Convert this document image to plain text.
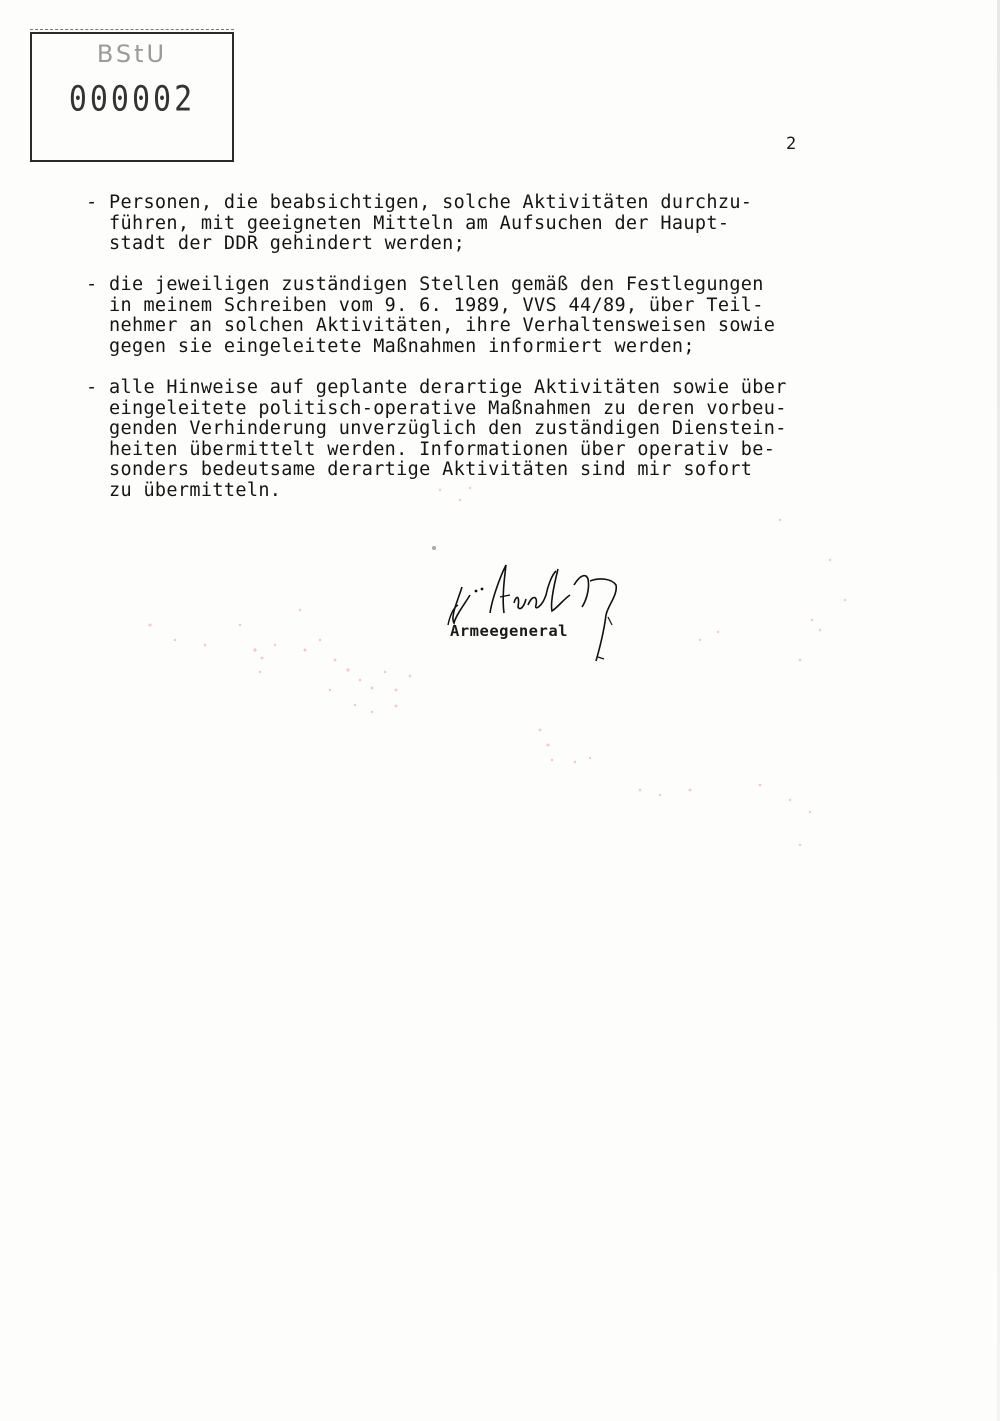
BStU
000002
2
- Personen, die beabsichtigen, solche Aktivitäten durchzu-
führen, mit geeigneten Mitteln am Aufsuchen der Haupt-
stadt der DDR gehindert werden;
- die jeweiligen zuständigen Stellen gemäß den Festlegungen
in meinem Schreiben vom 9. 6. 1989, VVS 44/89, über Teil-
nehmer an solchen Aktivitäten, ihre Verhaltensweisen sowie
gegen sie eingeleitete Maßnahmen informiert werden;
- alle Hinweise auf geplante derartige Aktivitäten sowie über
eingeleitete politisch-operative Maßnahmen zu deren vorbeu-
genden Verhinderung unverzüglich den zuständigen Dienstein-
heiten übermittelt werden. Informationen über operativ be-
sonders bedeutsame derartige Aktivitäten sind mir sofort
zu übermitteln.
Armeegeneral
